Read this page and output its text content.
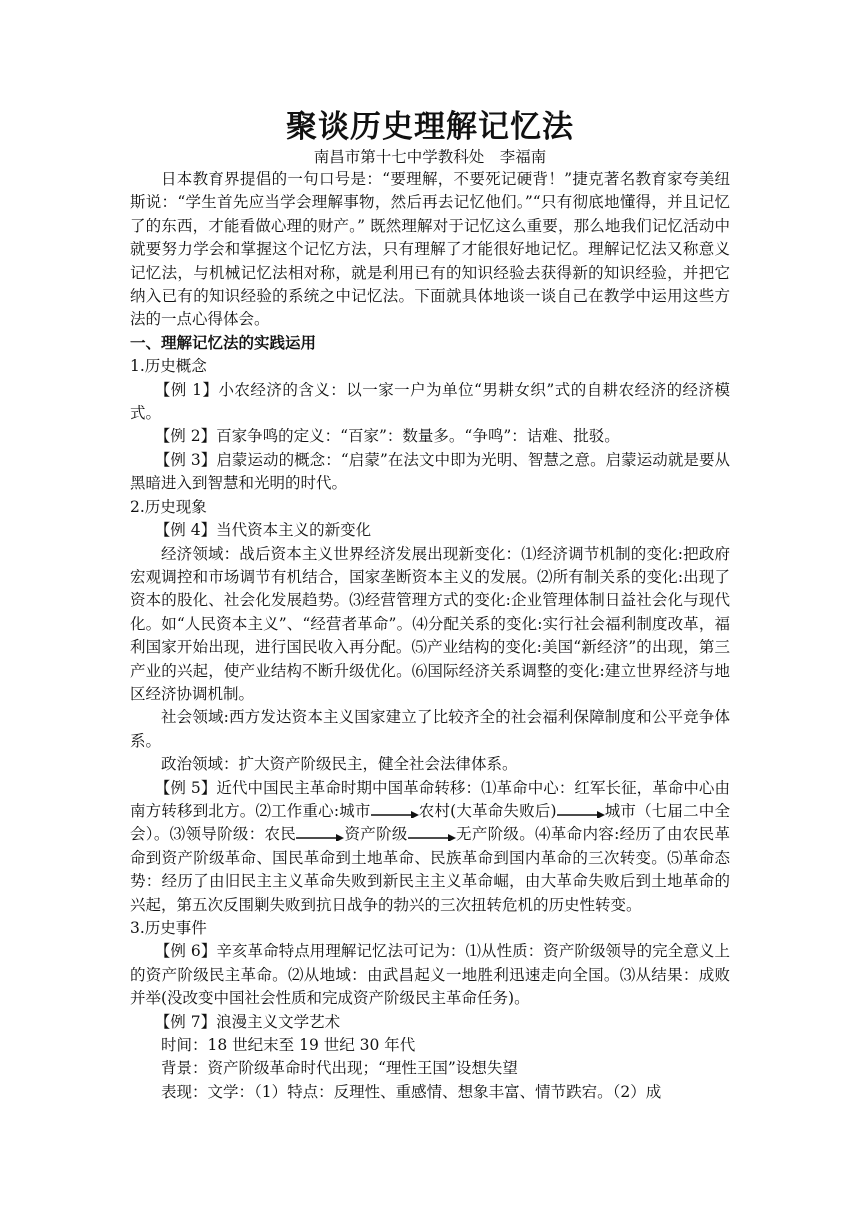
聚谈历史理解记忆法

南昌市第十七中学教科处　李福南

日本教育界提倡的一句口号是：“要理解，不要死记硬背！”捷克著名教育家夸美纽斯说：“学生首先应当学会理解事物，然后再去记忆他们。”“只有彻底地懂得，并且记忆了的东西，才能看做心理的财产。” 既然理解对于记忆这么重要，那么地我们记忆活动中就要努力学会和掌握这个记忆方法，只有理解了才能很好地记忆。理解记忆法又称意义记忆法，与机械记忆法相对称，就是利用已有的知识经验去获得新的知识经验，并把它纳入已有的知识经验的系统之中记忆法。下面就具体地谈一谈自己在教学中运用这些方法的一点心得体会。

一、理解记忆法的实践运用

1.历史概念

【例 1】小农经济的含义：以一家一户为单位“男耕女织”式的自耕农经济的经济模式。

【例 2】百家争鸣的定义：“百家”：数量多。“争鸣”：诘难、批驳。

【例 3】启蒙运动的概念：“启蒙”在法文中即为光明、智慧之意。启蒙运动就是要从黑暗进入到智慧和光明的时代。

2.历史现象

【例 4】当代资本主义的新变化

经济领域：战后资本主义世界经济发展出现新变化：⑴经济调节机制的变化:把政府宏观调控和市场调节有机结合，国家垄断资本主义的发展。⑵所有制关系的变化:出现了资本的股化、社会化发展趋势。⑶经营管理方式的变化:企业管理体制日益社会化与现代化。如“人民资本主义”、“经营者革命”。⑷分配关系的变化:实行社会福利制度改革，福利国家开始出现，进行国民收入再分配。⑸产业结构的变化:美国“新经济”的出现，第三产业的兴起，使产业结构不断升级优化。⑹国际经济关系调整的变化:建立世界经济与地区经济协调机制。

社会领域:西方发达资本主义国家建立了比较齐全的社会福利保障制度和公平竞争体系。

政治领域：扩大资产阶级民主，健全社会法律体系。

【例 5】近代中国民主革命时期中国革命转移：⑴革命中心：红军长征，革命中心由南方转移到北方。⑵工作重心:城市	农村(大革命失败后)	城市（七届二中全会）。⑶领导阶级：农民	资产阶级	无产阶级。⑷革命内容:经历了由农民革命到资产阶级革命、国民革命到土地革命、民族革命到国内革命的三次转变。⑸革命态势：经历了由旧民主主义革命失败到新民主主义革命崛，由大革命失败后到土地革命的兴起，第五次反围剿失败到抗日战争的勃兴的三次扭转危机的历史性转变。

3.历史事件

【例 6】辛亥革命特点用理解记忆法可记为：⑴从性质：资产阶级领导的完全意义上的资产阶级民主革命。⑵从地域：由武昌起义一地胜利迅速走向全国。⑶从结果：成败并举(没改变中国社会性质和完成资产阶级民主革命任务)。

【例 7】浪漫主义文学艺术

时间：18 世纪末至 19 世纪 30 年代

背景：资产阶级革命时代出现；“理性王国”设想失望

表现：文学：（1）特点：反理性、重感情、想象丰富、情节跌宕。（2）成
